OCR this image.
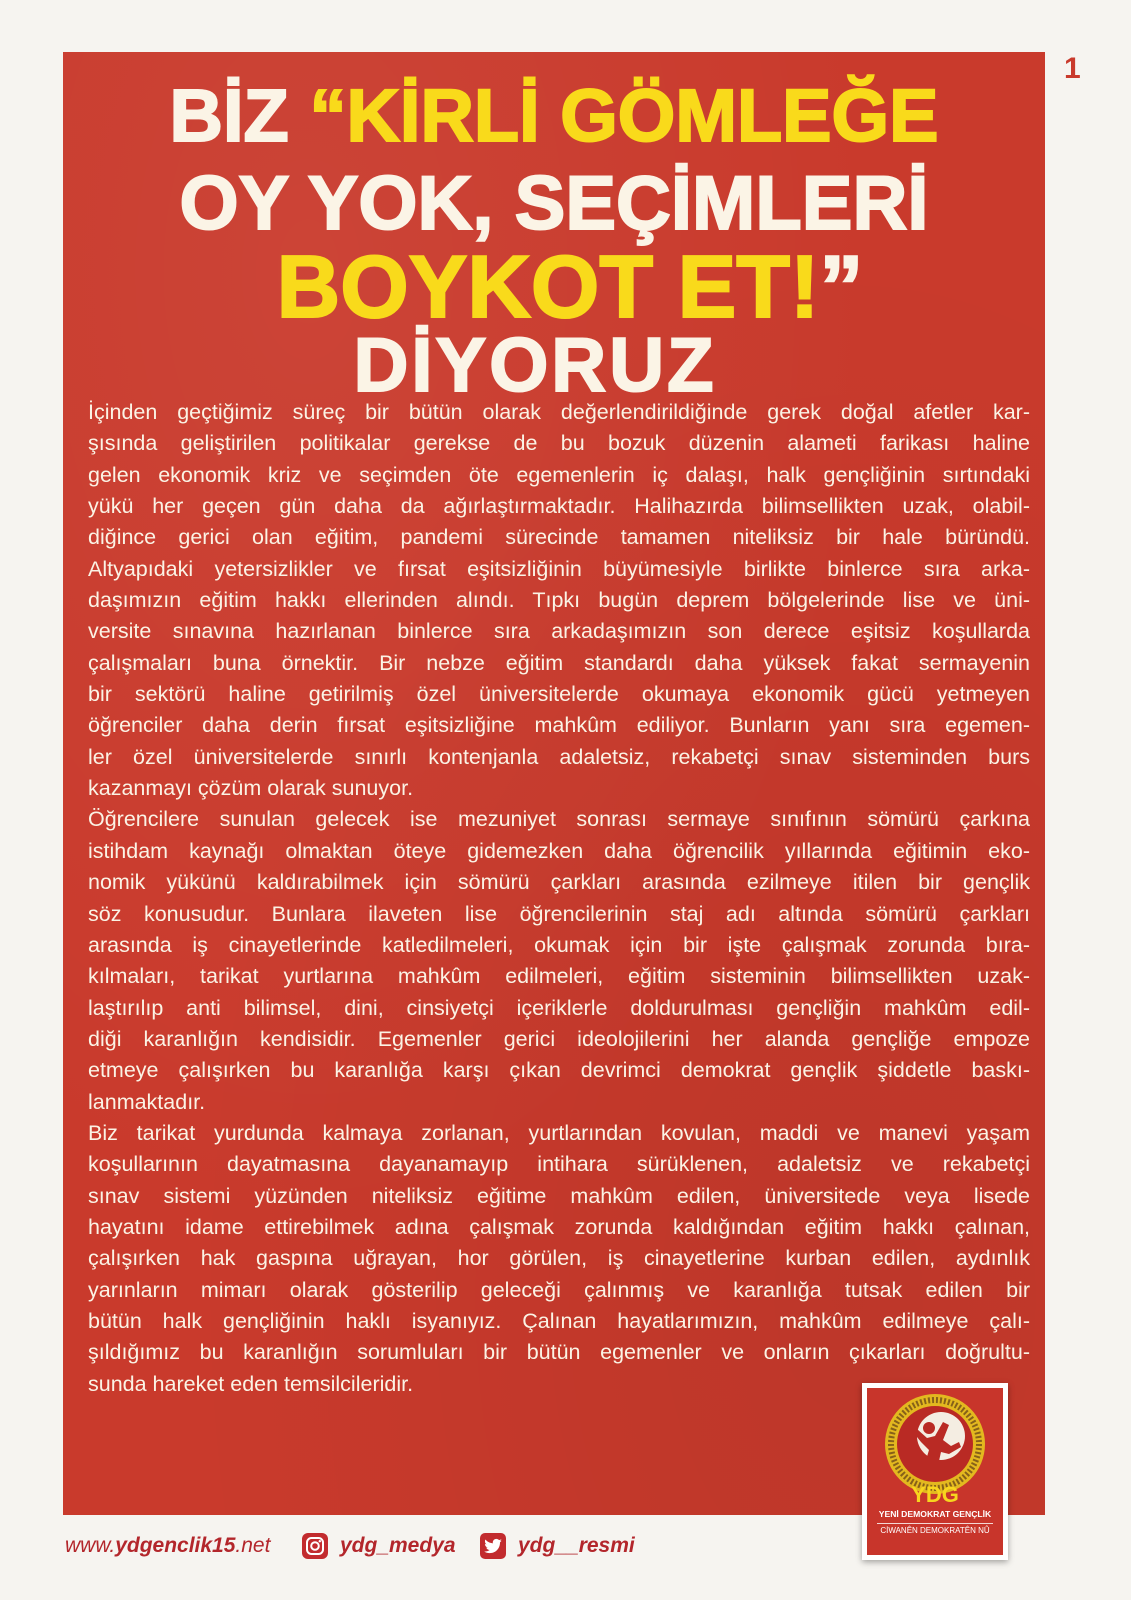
1
BİZ “KİRLİ GÖMLEĞE
OY YOK, SEÇİMLERİ
BOYKOT ET!”
DİYORUZ
İçinden geçtiğimiz süreç bir bütün olarak değerlendirildiğinde gerek doğal afetler kar-
şısında geliştirilen politikalar gerekse de bu bozuk düzenin alameti farikası haline
gelen ekonomik kriz ve seçimden öte egemenlerin iç dalaşı, halk gençliğinin sırtındaki
yükü her geçen gün daha da ağırlaştırmaktadır. Halihazırda bilimsellikten uzak, olabil-
diğince gerici olan eğitim, pandemi sürecinde tamamen niteliksiz bir hale büründü.
Altyapıdaki yetersizlikler ve fırsat eşitsizliğinin büyümesiyle birlikte binlerce sıra arka-
daşımızın eğitim hakkı ellerinden alındı. Tıpkı bugün deprem bölgelerinde lise ve üni-
versite sınavına hazırlanan binlerce sıra arkadaşımızın son derece eşitsiz koşullarda
çalışmaları buna örnektir. Bir nebze eğitim standardı daha yüksek fakat sermayenin
bir sektörü haline getirilmiş özel üniversitelerde okumaya ekonomik gücü yetmeyen
öğrenciler daha derin fırsat eşitsizliğine mahkûm ediliyor. Bunların yanı sıra egemen-
ler özel üniversitelerde sınırlı kontenjanla adaletsiz, rekabetçi sınav sisteminden burs
kazanmayı çözüm olarak sunuyor.
Öğrencilere sunulan gelecek ise mezuniyet sonrası sermaye sınıfının sömürü çarkına
istihdam kaynağı olmaktan öteye gidemezken daha öğrencilik yıllarında eğitimin eko-
nomik yükünü kaldırabilmek için sömürü çarkları arasında ezilmeye itilen bir gençlik
söz konusudur. Bunlara ilaveten lise öğrencilerinin staj adı altında sömürü çarkları
arasında iş cinayetlerinde katledilmeleri, okumak için bir işte çalışmak zorunda bıra-
kılmaları, tarikat yurtlarına mahkûm edilmeleri, eğitim sisteminin bilimsellikten uzak-
laştırılıp anti bilimsel, dini, cinsiyetçi içeriklerle doldurulması gençliğin mahkûm edil-
diği karanlığın kendisidir. Egemenler gerici ideolojilerini her alanda gençliğe empoze
etmeye çalışırken bu karanlığa karşı çıkan devrimci demokrat gençlik şiddetle baskı-
lanmaktadır.
Biz tarikat yurdunda kalmaya zorlanan, yurtlarından kovulan, maddi ve manevi yaşam
koşullarının dayatmasına dayanamayıp intihara sürüklenen, adaletsiz ve rekabetçi
sınav sistemi yüzünden niteliksiz eğitime mahkûm edilen, üniversitede veya lisede
hayatını idame ettirebilmek adına çalışmak zorunda kaldığından eğitim hakkı çalınan,
çalışırken hak gaspına uğrayan, hor görülen, iş cinayetlerine kurban edilen, aydınlık
yarınların mimarı olarak gösterilip geleceği çalınmış ve karanlığa tutsak edilen bir
bütün halk gençliğinin haklı isyanıyız. Çalınan hayatlarımızın, mahkûm edilmeye çalı-
şıldığımız bu karanlığın sorumluları bir bütün egemenler ve onların çıkarları doğrultu-
sunda hareket eden temsilcileridir.
YDG
YENİ DEMOKRAT GENÇLİK
CİWANÊN DEMOKRATÊN NÛ
www.ydgenclik15.net	ydg_medya	ydg__resmi
